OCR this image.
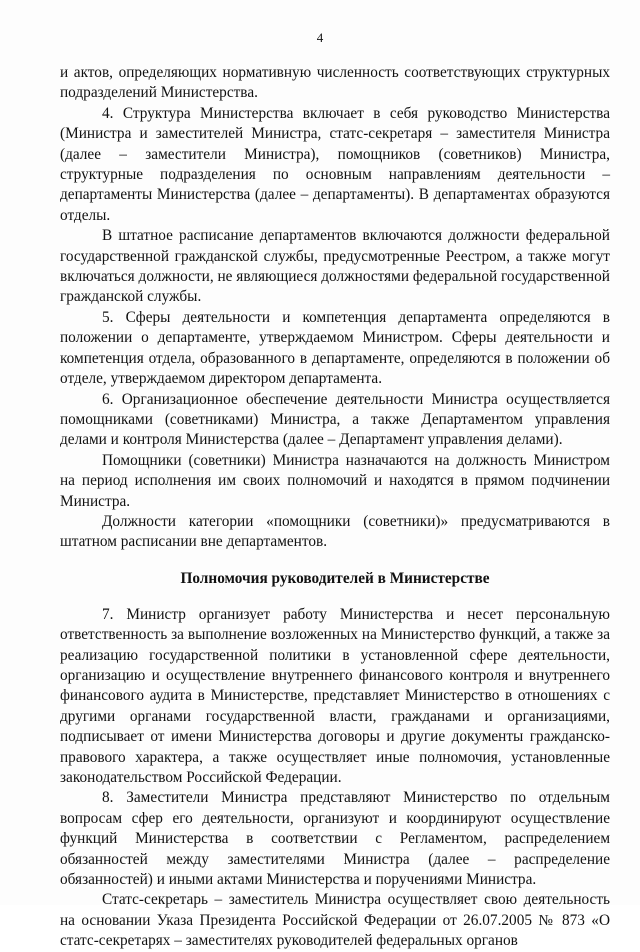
4

и актов, определяющих нормативную численность соответствующих структурных подразделений Министерства.

4. Структура Министерства включает в себя руководство Министерства (Министра и заместителей Министра, статс-секретаря – заместителя Министра (далее – заместители Министра), помощников (советников) Министра, структурные подразделения по основным направлениям деятельности – департаменты Министерства (далее – департаменты). В департаментах образуются отделы.

В штатное расписание департаментов включаются должности федеральной государственной гражданской службы, предусмотренные Реестром, а также могут включаться должности, не являющиеся должностями федеральной государственной гражданской службы.

5. Сферы деятельности и компетенция департамента определяются в положении о департаменте, утверждаемом Министром. Сферы деятельности и компетенция отдела, образованного в департаменте, определяются в положении об отделе, утверждаемом директором департамента.

6. Организационное обеспечение деятельности Министра осуществляется помощниками (советниками) Министра, а также Департаментом управления делами и контроля Министерства (далее – Департамент управления делами).

Помощники (советники) Министра назначаются на должность Министром на период исполнения им своих полномочий и находятся в прямом подчинении Министра.

Должности категории «помощники (советники)» предусматриваются в штатном расписании вне департаментов.

Полномочия руководителей в Министерстве

7. Министр организует работу Министерства и несет персональную ответственность за выполнение возложенных на Министерство функций, а также за реализацию государственной политики в установленной сфере деятельности, организацию и осуществление внутреннего финансового контроля и внутреннего финансового аудита в Министерстве, представляет Министерство в отношениях с другими органами государственной власти, гражданами и организациями, подписывает от имени Министерства договоры и другие документы гражданско-правового характера, а также осуществляет иные полномочия, установленные законодательством Российской Федерации.

8. Заместители Министра представляют Министерство по отдельным вопросам сфер его деятельности, организуют и координируют осуществление функций Министерства в соответствии с Регламентом, распределением обязанностей между заместителями Министра (далее – распределение обязанностей) и иными актами Министерства и поручениями Министра.

Статс-секретарь – заместитель Министра осуществляет свою деятельность на основании Указа Президента Российской Федерации от 26.07.2005 № 873 «О статс-секретарях – заместителях руководителей федеральных органов
